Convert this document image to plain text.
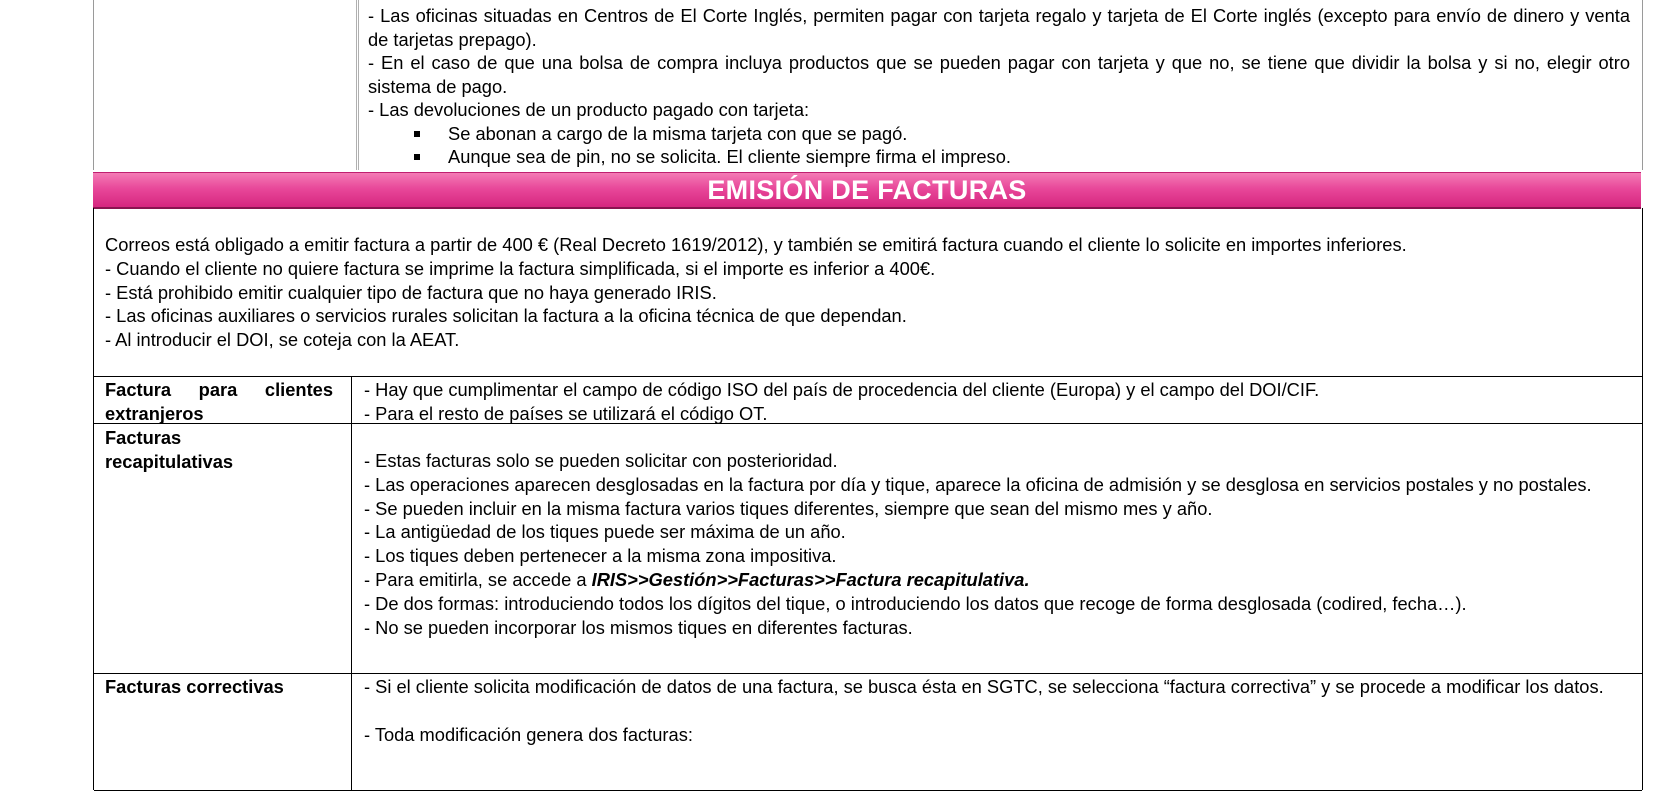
- Las oficinas situadas en Centros de El Corte Inglés, permiten pagar con tarjeta regalo y tarjeta de El Corte inglés (excepto para envío de dinero y venta de tarjetas prepago).

- En el caso de que una bolsa de compra incluya productos que se pueden pagar con tarjeta y que no, se tiene que dividir la bolsa y si no, elegir otro sistema de pago.

- Las devoluciones de un producto pagado con tarjeta:

Se abonan a cargo de la misma tarjeta con que se pagó.

Aunque sea de pin, no se solicita. El cliente siempre firma el impreso.

EMISIÓN DE FACTURAS

Correos está obligado a emitir factura a partir de 400 € (Real Decreto 1619/2012), y también se emitirá factura cuando el cliente lo solicite en importes inferiores.

- Cuando el cliente no quiere factura se imprime la factura simplificada, si el importe es inferior a 400€.

- Está prohibido emitir cualquier tipo de factura que no haya generado IRIS.

- Las oficinas auxiliares o servicios rurales solicitan la factura a la oficina técnica de que dependan.

- Al introducir el DOI, se coteja con la AEAT.

Factura para clientes
extranjeros

- Hay que cumplimentar el campo de código ISO del país de procedencia del cliente (Europa) y el campo del DOI/CIF.

- Para el resto de países se utilizará el código OT.

Facturas
recapitulativas	- Estas facturas solo se pueden solicitar con posterioridad.

- Las operaciones aparecen desglosadas en la factura por día y tique, aparece la oficina de admisión y se desglosa en servicios postales y no postales.

- Se pueden incluir en la misma factura varios tiques diferentes, siempre que sean del mismo mes y año.

- La antigüedad de los tiques puede ser máxima de un año.

- Los tiques deben pertenecer a la misma zona impositiva.

- Para emitirla, se accede a IRIS>>Gestión>>Facturas>>Factura recapitulativa.

- De dos formas: introduciendo todos los dígitos del tique, o introduciendo los datos que recoge de forma desglosada (codired, fecha…).

- No se pueden incorporar los mismos tiques en diferentes facturas.

Facturas correctivas	- Si el cliente solicita modificación de datos de una factura, se busca ésta en SGTC, se selecciona “factura correctiva” y se procede a modificar los datos.

- Toda modificación genera dos facturas:
